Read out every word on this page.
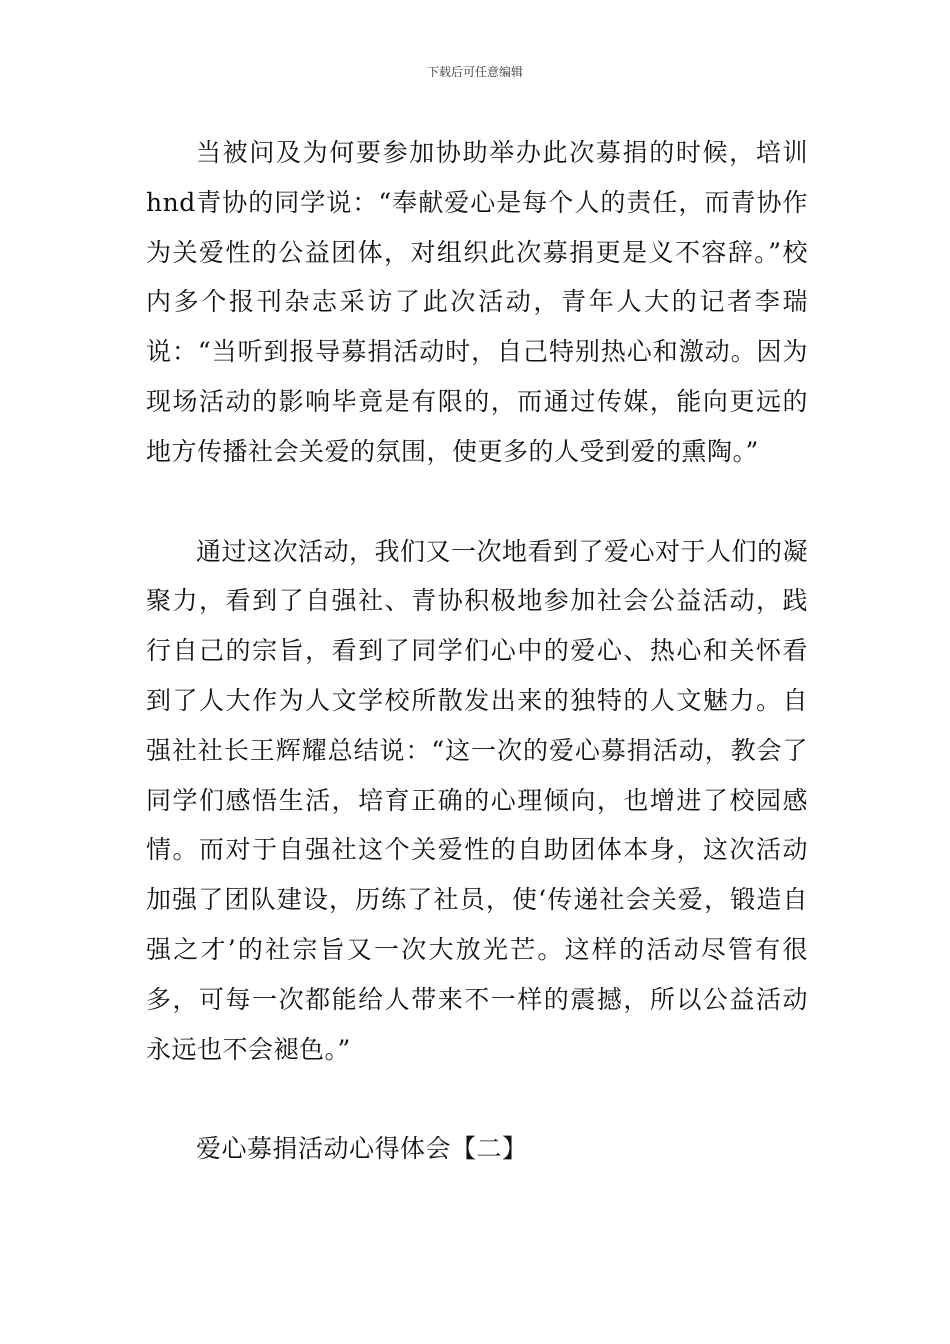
下载后可任意编辑

当被问及为何要参加协助举办此次募捐的时候，培训hnd青协的同学说：“奉献爱心是每个人的责任，而青协作为关爱性的公益团体，对组织此次募捐更是义不容辞。”校内多个报刊杂志采访了此次活动，青年人大的记者李瑞说：“当听到报导募捐活动时，自己特别热心和激动。因为现场活动的影响毕竟是有限的，而通过传媒，能向更远的地方传播社会关爱的氛围，使更多的人受到爱的熏陶。”

通过这次活动，我们又一次地看到了爱心对于人们的凝聚力，看到了自强社、青协积极地参加社会公益活动，践行自己的宗旨，看到了同学们心中的爱心、热心和关怀看到了人大作为人文学校所散发出来的独特的人文魅力。自强社社长王辉耀总结说：“这一次的爱心募捐活动，教会了同学们感悟生活，培育正确的心理倾向，也增进了校园感情。而对于自强社这个关爱性的自助团体本身，这次活动加强了团队建设，历练了社员，使‘传递社会关爱，锻造自强之才’的社宗旨又一次大放光芒。这样的活动尽管有很多，可每一次都能给人带来不一样的震撼，所以公益活动永远也不会褪色。”

爱心募捐活动心得体会【二】
